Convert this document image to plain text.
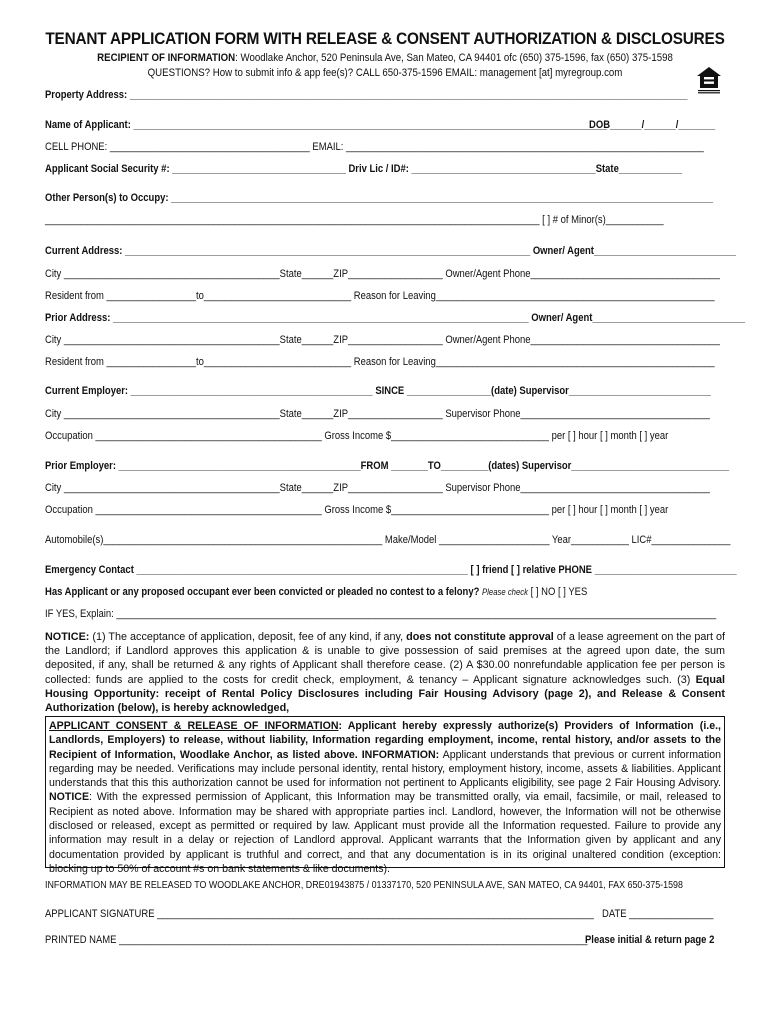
TENANT APPLICATION FORM WITH RELEASE & CONSENT AUTHORIZATION & DISCLOSURES
RECIPIENT OF INFORMATION: Woodlake Anchor, 520 Peninsula Ave, San Mateo, CA 94401 ofc (650) 375-1596, fax (650) 375-1598
QUESTIONS? How to submit info & app fee(s)? CALL 650-375-1596 EMAIL: management [at] myregroup.com
Property Address: __________________________________________________________________________________________________________
Name of Applicant: __________________________________________________________________________________________
DOB______/______/_______
CELL PHONE: ______________________________________ EMAIL: ____________________________________________________________________
Applicant Social Security #: _________________________________ Driv Lic / ID#: ___________________________________State____________
Other Person(s) to Occupy: _______________________________________________________________________________________________________
______________________________________________________________________________________________ [ ] # of Minor(s)___________
Current Address: _____________________________________________________________________________ Owner/ Agent___________________________
City _________________________________________State______ZIP__________________ Owner/Agent Phone____________________________________
Resident from _________________to____________________________ Reason for Leaving_____________________________________________________
Prior Address: _______________________________________________________________________________ Owner/ Agent_____________________________
City _________________________________________State______ZIP__________________ Owner/Agent Phone____________________________________
Resident from _________________to____________________________ Reason for Leaving_____________________________________________________
Current Employer: ______________________________________________ SINCE ________________(date) Supervisor___________________________
City _________________________________________State______ZIP__________________ Supervisor Phone____________________________________
Occupation ___________________________________________ Gross Income $______________________________ per [ ] hour [ ] month [ ] year
Prior Employer: ______________________________________________FROM _______TO_________(dates) Supervisor______________________________
City _________________________________________State______ZIP__________________ Supervisor Phone____________________________________
Occupation ___________________________________________ Gross Income $______________________________ per [ ] hour [ ] month [ ] year
Automobile(s)_____________________________________________________ Make/Model _____________________ Year___________ LIC#_______________
Emergency Contact _______________________________________________________________ [ ] friend [ ] relative PHONE ___________________________
Has Applicant or any proposed occupant ever been convicted or pleaded no contest to a felony? Please check [ ] NO [ ] YES
IF YES, Explain: __________________________________________________________________________________________________________________

NOTICE: (1) The acceptance of application, deposit, fee of any kind, if any, does not constitute approval of a lease agreement on the part of the Landlord; if Landlord approves this application & is unable to give possession of said premises at the agreed upon date, the sum deposited, if any, shall be returned & any rights of Applicant shall therefore cease. (2) A $30.00 nonrefundable application fee per person is collected: funds are applied to the costs for credit check, employment, & tenancy – Applicant signature acknowledges such. (3) Equal Housing Opportunity: receipt of Rental Policy Disclosures including Fair Housing Advisory (page 2), and Release & Consent Authorization (below), is hereby acknowledged,

APPLICANT CONSENT & RELEASE OF INFORMATION: Applicant hereby expressly authorize(s) Providers of Information (i.e., Landlords, Employers) to release, without liability, Information regarding employment, income, rental history, and/or assets to the Recipient of Information, Woodlake Anchor, as listed above. INFORMATION: Applicant understands that previous or current information regarding may be needed. Verifications may include personal identity, rental history, employment history, income, assets & liabilities. Applicant understands that this this authorization cannot be used for information not pertinent to Applicants eligibility, see page 2 Fair Housing Advisory. NOTICE: With the expressed permission of Applicant, this Information may be transmitted orally, via email, facsimile, or mail, released to Recipient as noted above. Information may be shared with appropriate parties incl. Landlord, however, the Information will not be otherwise disclosed or released, except as permitted or required by law. Applicant must provide all the Information requested. Failure to provide any information may result in a delay or rejection of Landlord approval. Applicant warrants that the Information given by applicant and any documentation provided by applicant is truthful and correct, and that any documentation is in its original unaltered condition (exception: blocking up to 50% of account #s on bank statements & like documents).

INFORMATION MAY BE RELEASED TO WOODLAKE ANCHOR, DRE01943875 / 01337170, 520 PENINSULA AVE, SAN MATEO, CA 94401, FAX 650-375-1598
APPLICANT SIGNATURE ___________________________________________________________________________________ DATE ________________
PRINTED NAME _________________________________________________________________________________________
Please initial & return page 2
